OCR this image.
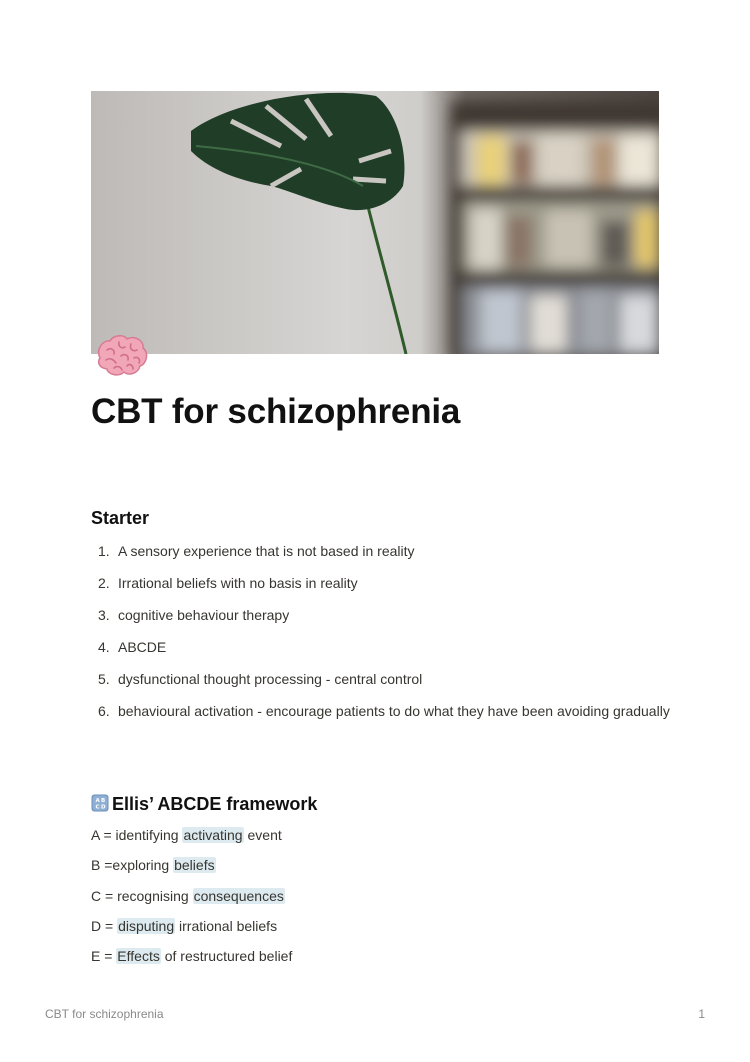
CBT for schizophrenia
Starter
1. A sensory experience that is not based in reality
2. Irrational beliefs with no basis in reality
3. cognitive behaviour therapy
4. ABCDE
5. dysfunctional thought processing - central control
6. behavioural activation - encourage patients to do what they have been avoiding gradually
A B
C D Ellis’ ABCDE framework
A = identifying activating event
B =exploring beliefs
C = recognising consequences
D = disputing irrational beliefs
E = Effects of restructured belief
CBT for schizophrenia	1
